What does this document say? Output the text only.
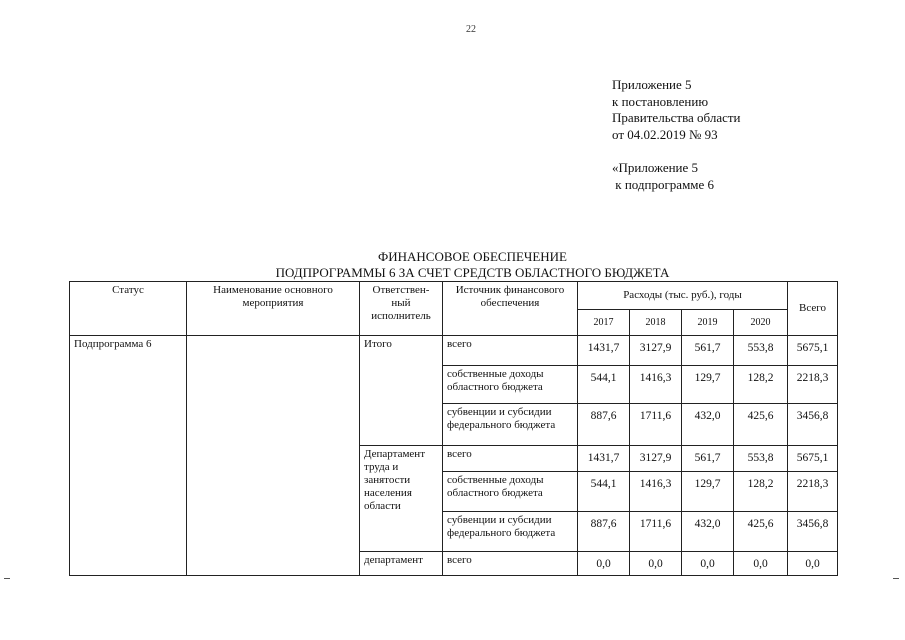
22
Приложение 5
к постановлению
Правительства области
от 04.02.2019 № 93
«Приложение 5
к подпрограмме 6
ФИНАНСОВОЕ ОБЕСПЕЧЕНИЕ
ПОДПРОГРАММЫ 6 ЗА СЧЕТ СРЕДСТВ ОБЛАСТНОГО БЮДЖЕТА
Статус	Наименование основного мероприятия	Ответствен-ный исполнитель	Источник финансового обеспечения	Расходы (тыс. руб.), годы				Всего
				2017	2018	2019	2020	
Подпрограмма 6		Итого	всего	1431,7	3127,9	561,7	553,8	5675,1
			собственные доходы областного бюджета	544,1	1416,3	129,7	128,2	2218,3
			субвенции и субсидии федерального бюджета	887,6	1711,6	432,0	425,6	3456,8
		Департамент труда и занятости населения области	всего	1431,7	3127,9	561,7	553,8	5675,1
			собственные доходы областного бюджета	544,1	1416,3	129,7	128,2	2218,3
			субвенции и субсидии федерального бюджета	887,6	1711,6	432,0	425,6	3456,8
		департамент	всего	0,0	0,0	0,0	0,0	0,0
